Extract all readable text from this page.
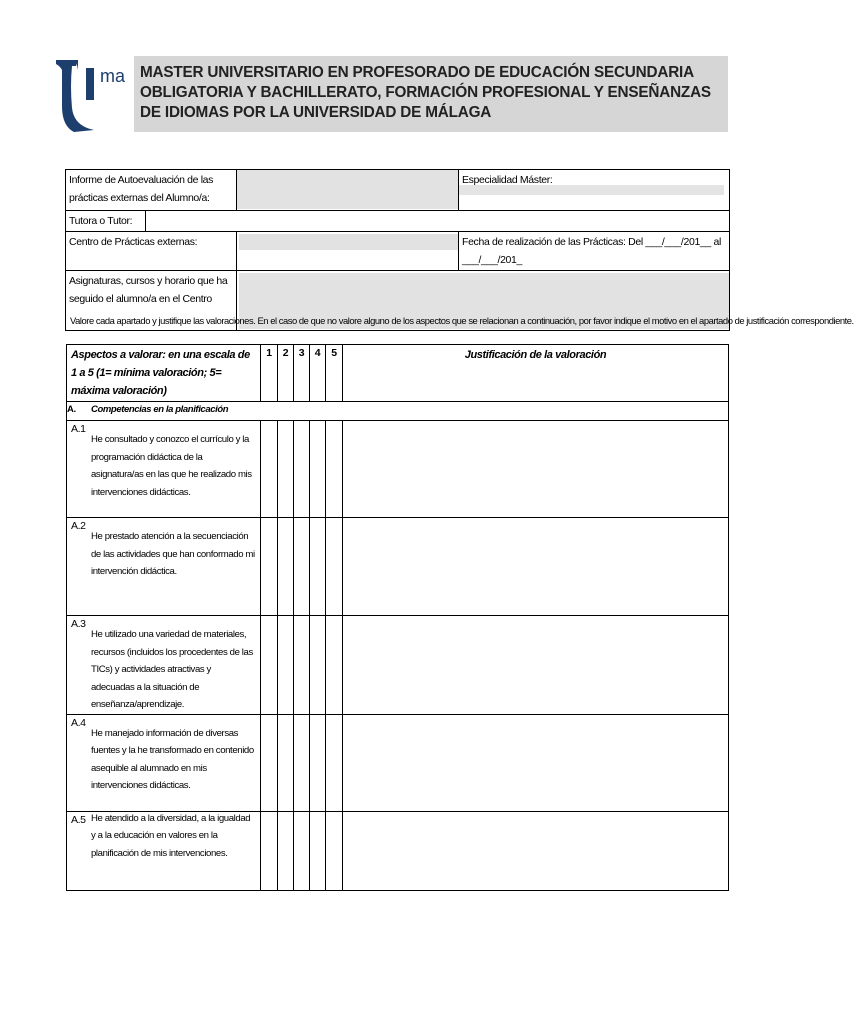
ma MASTER UNIVERSITARIO EN PROFESORADO DE EDUCACIÓN SECUNDARIA OBLIGATORIA Y BACHILLERATO, FORMACIÓN PROFESIONAL Y ENSEÑANZAS DE IDIOMAS POR LA UNIVERSIDAD DE MÁLAGA
Informe de Autoevaluación de las prácticas externas del Alumno/a:			Especialidad Máster:

Tutora o Tutor:			
Centro de Prácticas externas:			Fecha de realización de las Prácticas: Del ___/___/201__ al ___/___/201_
Asignaturas, cursos y horario que ha seguido el alumno/a en el Centro			
Valore cada apartado y justifique las valoraciones. En el caso de que no valore alguno de los aspectos que se relacionan a continuación, por favor indique el motivo en el apartado de justificación correspondiente.
Aspectos a valorar: en una escala de 1 a 5 (1= mínima valoración; 5= máxima valoración)	1	2	3	4	5	Justificación de la valoración
A. Competencias en la planificación						

A.1
He consultado y conozco el currículo y la programación didáctica de la asignatura/as en las que he realizado mis intervenciones didácticas.						

A.2
He prestado atención a la secuenciación de las actividades que han conformado mi intervención didáctica.						

A.3
He utilizado una variedad de materiales, recursos (incluidos los procedentes de las TICs) y actividades atractivas y adecuadas a la situación de enseñanza/aprendizaje.						

A.4
He manejado información de diversas fuentes y la he transformado en contenido asequible al alumnado en mis intervenciones didácticas.						

A.5 He atendido a la diversidad, a la igualdad y a la educación en valores en la planificación de mis intervenciones.						
